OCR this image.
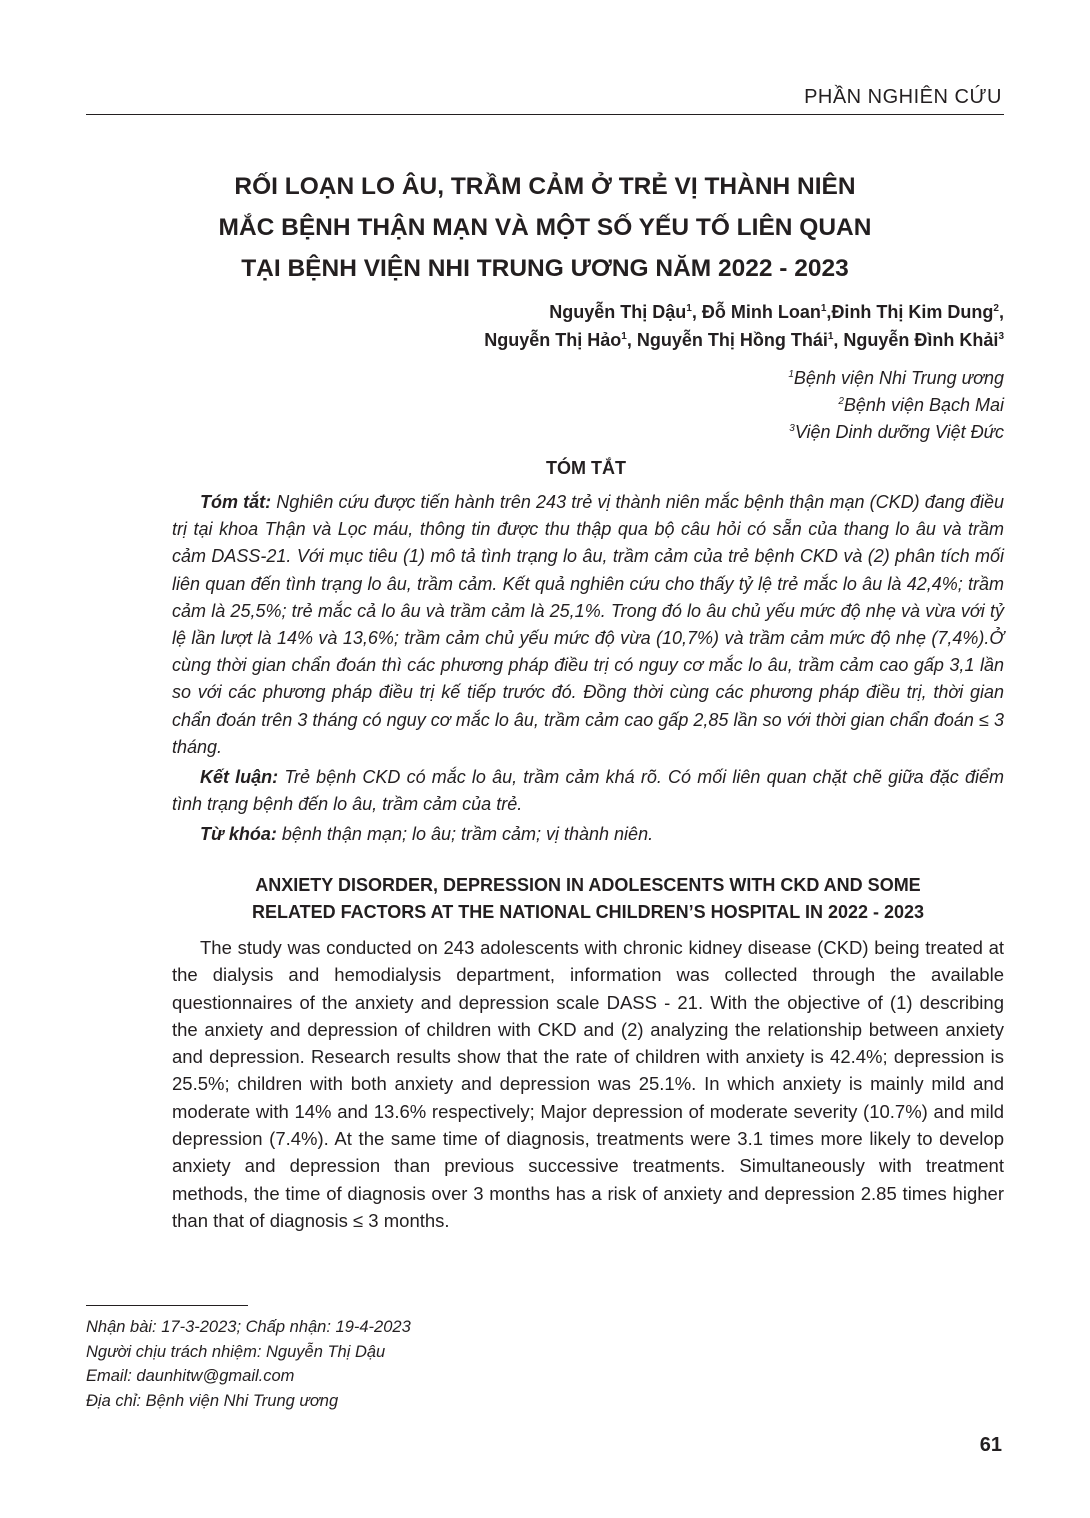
PHẦN NGHIÊN CỨU
RỐI LOẠN LO ÂU, TRẦM CẢM Ở TRẺ VỊ THÀNH NIÊN
MẮC BỆNH THẬN MẠN VÀ MỘT SỐ YẾU TỐ LIÊN QUAN
TẠI BỆNH VIỆN NHI TRUNG ƯƠNG NĂM 2022 - 2023
Nguyễn Thị Dậu$^1$, Đỗ Minh Loan$^1$,Đinh Thị Kim Dung$^2$,
Nguyễn Thị Hảo$^1$, Nguyễn Thị Hồng Thái$^1$, Nguyễn Đình Khải$^3$
$^1$Bệnh viện Nhi Trung ương
$^2$Bệnh viện Bạch Mai
$^3$Viện Dinh dưỡng Việt Đức
TÓM TẮT

Tóm tắt: Nghiên cứu được tiến hành trên 243 trẻ vị thành niên mắc bệnh thận mạn (CKD) đang điều trị tại khoa Thận và Lọc máu, thông tin được thu thập qua bộ câu hỏi có sẵn của thang lo âu và trầm cảm DASS-21. Với mục tiêu (1) mô tả tình trạng lo âu, trầm cảm của trẻ bệnh CKD và (2) phân tích mối liên quan đến tình trạng lo âu, trầm cảm. Kết quả nghiên cứu cho thấy tỷ lệ trẻ mắc lo âu là 42,4%; trầm cảm là 25,5%; trẻ mắc cả lo âu và trầm cảm là 25,1%. Trong đó lo âu chủ yếu mức độ nhẹ và vừa với tỷ lệ lần lượt là 14% và 13,6%; trầm cảm chủ yếu mức độ vừa (10,7%) và trầm cảm mức độ nhẹ (7,4%).Ở cùng thời gian chẩn đoán thì các phương pháp điều trị có nguy cơ mắc lo âu, trầm cảm cao gấp 3,1 lần so với các phương pháp điều trị kế tiếp trước đó. Đồng thời cùng các phương pháp điều trị, thời gian chẩn đoán trên 3 tháng có nguy cơ mắc lo âu, trầm cảm cao gấp 2,85 lần so với thời gian chẩn đoán ≤ 3 tháng.

Kết luận: Trẻ bệnh CKD có mắc lo âu, trầm cảm khá rõ. Có mối liên quan chặt chẽ giữa đặc điểm tình trạng bệnh đến lo âu, trầm cảm của trẻ.

Từ khóa: bệnh thận mạn; lo âu; trầm cảm; vị thành niên.

ANXIETY DISORDER, DEPRESSION IN ADOLESCENTS WITH CKD AND SOME
RELATED FACTORS AT THE NATIONAL CHILDREN’S HOSPITAL IN 2022 - 2023

The study was conducted on 243 adolescents with chronic kidney disease (CKD) being treated at the dialysis and hemodialysis department, information was collected through the available questionnaires of the anxiety and depression scale DASS - 21. With the objective of (1) describing the anxiety and depression of children with CKD and (2) analyzing the relationship between anxiety and depression. Research results show that the rate of children with anxiety is 42.4%; depression is 25.5%; children with both anxiety and depression was 25.1%. In which anxiety is mainly mild and moderate with 14% and 13.6% respectively; Major depression of moderate severity (10.7%) and mild depression (7.4%). At the same time of diagnosis, treatments were 3.1 times more likely to develop anxiety and depression than previous successive treatments. Simultaneously with treatment methods, the time of diagnosis over 3 months has a risk of anxiety and depression 2.85 times higher than that of diagnosis ≤ 3 months.

Nhận bài: 17-3-2023; Chấp nhận: 19-4-2023
Người chịu trách nhiệm: Nguyễn Thị Dậu
Email: daunhitw@gmail.com
Địa chỉ: Bệnh viện Nhi Trung ương
61
